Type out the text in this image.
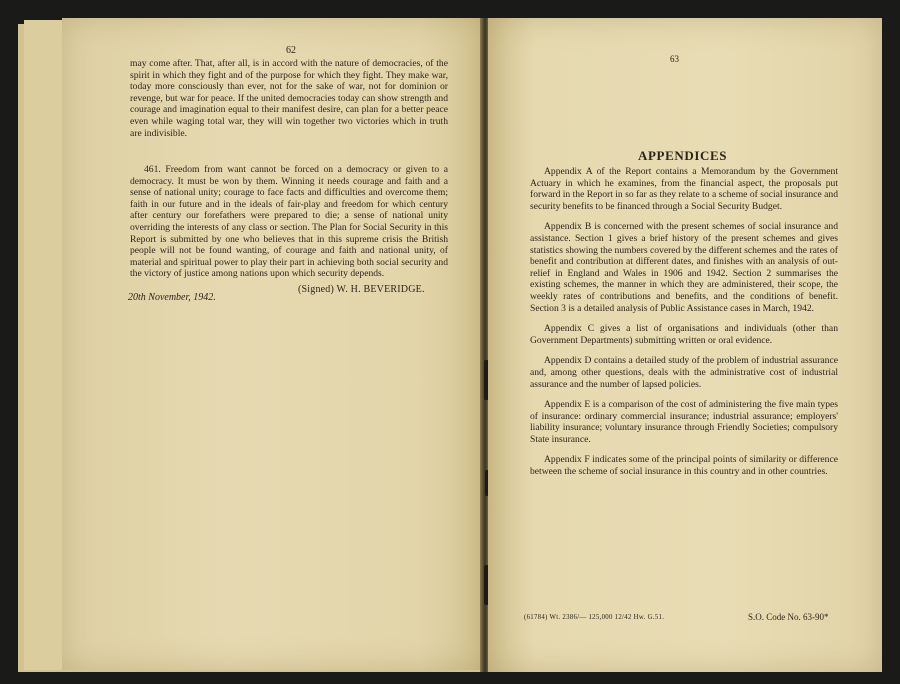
62

may come after. That, after all, is in accord with the nature of democracies, of the spirit in which they fight and of the purpose for which they fight. They make war, today more consciously than ever, not for the sake of war, not for dominion or revenge, but war for peace. If the united democracies today can show strength and courage and imagination equal to their manifest desire, can plan for a better peace even while waging total war, they will win together two victories which in truth are indivisible.

461. Freedom from want cannot be forced on a democracy or given to a democracy. It must be won by them. Winning it needs courage and faith and a sense of national unity; courage to face facts and difficulties and overcome them; faith in our future and in the ideals of fair-play and freedom for which century after century our forefathers were prepared to die; a sense of national unity overriding the interests of any class or section. The Plan for Social Security in this Report is submitted by one who believes that in this supreme crisis the British people will not be found wanting, of courage and faith and national unity, of material and spiritual power to play their part in achieving both social security and the victory of justice among nations upon which security depends.

(Signed) W. H. BEVERIDGE.
20th November, 1942.
63
APPENDICES

Appendix A of the Report contains a Memorandum by the Government Actuary in which he examines, from the financial aspect, the proposals put forward in the Report in so far as they relate to a scheme of social insurance and security benefits to be financed through a Social Security Budget.

Appendix B is concerned with the present schemes of social insurance and assistance. Section 1 gives a brief history of the present schemes and gives statistics showing the numbers covered by the different schemes and the rates of benefit and contribution at different dates, and finishes with an analysis of out-relief in England and Wales in 1906 and 1942. Section 2 summarises the existing schemes, the manner in which they are administered, their scope, the weekly rates of contributions and benefits, and the conditions of benefit. Section 3 is a detailed analysis of Public Assistance cases in March, 1942.

Appendix C gives a list of organisations and individuals (other than Government Departments) submitting written or oral evidence.

Appendix D contains a detailed study of the problem of industrial assurance and, among other questions, deals with the administrative cost of industrial assurance and the number of lapsed policies.

Appendix E is a comparison of the cost of administering the five main types of insurance: ordinary commercial insurance; industrial assurance; employers' liability insurance; voluntary insurance through Friendly Societies; compulsory State insurance.

Appendix F indicates some of the principal points of similarity or difference between the scheme of social insurance in this country and in other countries.

(61784) Wt. 2386/— 125,000 12/42 Hw. G.51.	S.O. Code No. 63-90*
